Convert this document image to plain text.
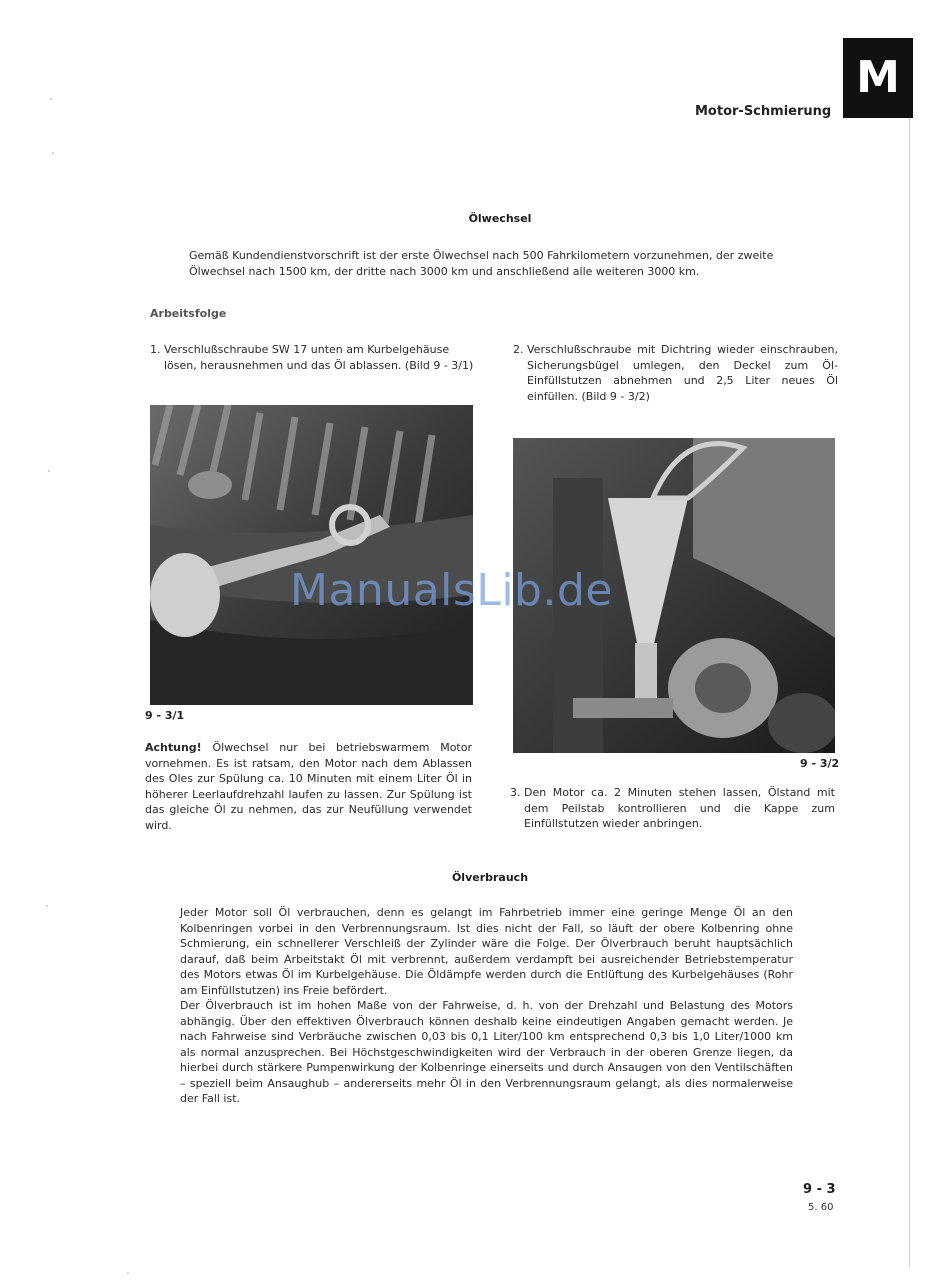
M
Motor-Schmierung
Ölwechsel
Gemäß Kundendienstvorschrift ist der erste Ölwechsel nach 500 Fahrkilometern vorzunehmen, der zweite Ölwechsel nach 1500 km, der dritte nach 3000 km und anschließend alle weiteren 3000 km.
Arbeitsfolge
1. Verschlußschraube SW 17 unten am Kurbelgehäuse lösen, herausnehmen und das Öl ablassen. (Bild 9 - 3/1)
2. Verschlußschraube mit Dichtring wieder einschrauben, Sicherungsbügel umlegen, den Deckel zum Öl-Einfüllstutzen abnehmen und 2,5 Liter neues Öl einfüllen. (Bild 9 - 3/2)
9 - 3/1
9 - 3/2
ManualsLib.de
Achtung! Ölwechsel nur bei betriebswarmem Motor vornehmen. Es ist ratsam, den Motor nach dem Ablassen des Oles zur Spülung ca. 10 Minuten mit einem Liter Öl in höherer Leerlaufdrehzahl laufen zu lassen. Zur Spülung ist das gleiche Öl zu nehmen, das zur Neufüllung verwendet wird.
3. Den Motor ca. 2 Minuten stehen lassen, Ölstand mit dem Peilstab kontrollieren und die Kappe zum Einfüllstutzen wieder anbringen.
Ölverbrauch
Jeder Motor soll Öl verbrauchen, denn es gelangt im Fahrbetrieb immer eine geringe Menge Öl an den Kolbenringen vorbei in den Verbrennungsraum. Ist dies nicht der Fall, so läuft der obere Kolbenring ohne Schmierung, ein schnellerer Verschleiß der Zylinder wäre die Folge. Der Ölverbrauch beruht hauptsächlich darauf, daß beim Arbeitstakt Öl mit verbrennt, außerdem verdampft bei ausreichender Betriebstemperatur des Motors etwas Öl im Kurbelgehäuse. Die Öldämpfe werden durch die Entlüftung des Kurbelgehäuses (Rohr am Einfüllstutzen) ins Freie befördert.
Der Ölverbrauch ist im hohen Maße von der Fahrweise, d. h. von der Drehzahl und Belastung des Motors abhängig. Über den effektiven Ölverbrauch können deshalb keine eindeutigen Angaben gemacht werden. Je nach Fahrweise sind Verbräuche zwischen 0,03 bis 0,1 Liter/100 km entsprechend 0,3 bis 1,0 Liter/1000 km als normal anzusprechen. Bei Höchstgeschwindigkeiten wird der Verbrauch in der oberen Grenze liegen, da hierbei durch stärkere Pumpenwirkung der Kolbenringe einerseits und durch Ansaugen von den Ventilschäften – speziell beim Ansaughub – andererseits mehr Öl in den Verbrennungsraum gelangt, als dies normalerweise der Fall ist.
9 - 3
5. 60
